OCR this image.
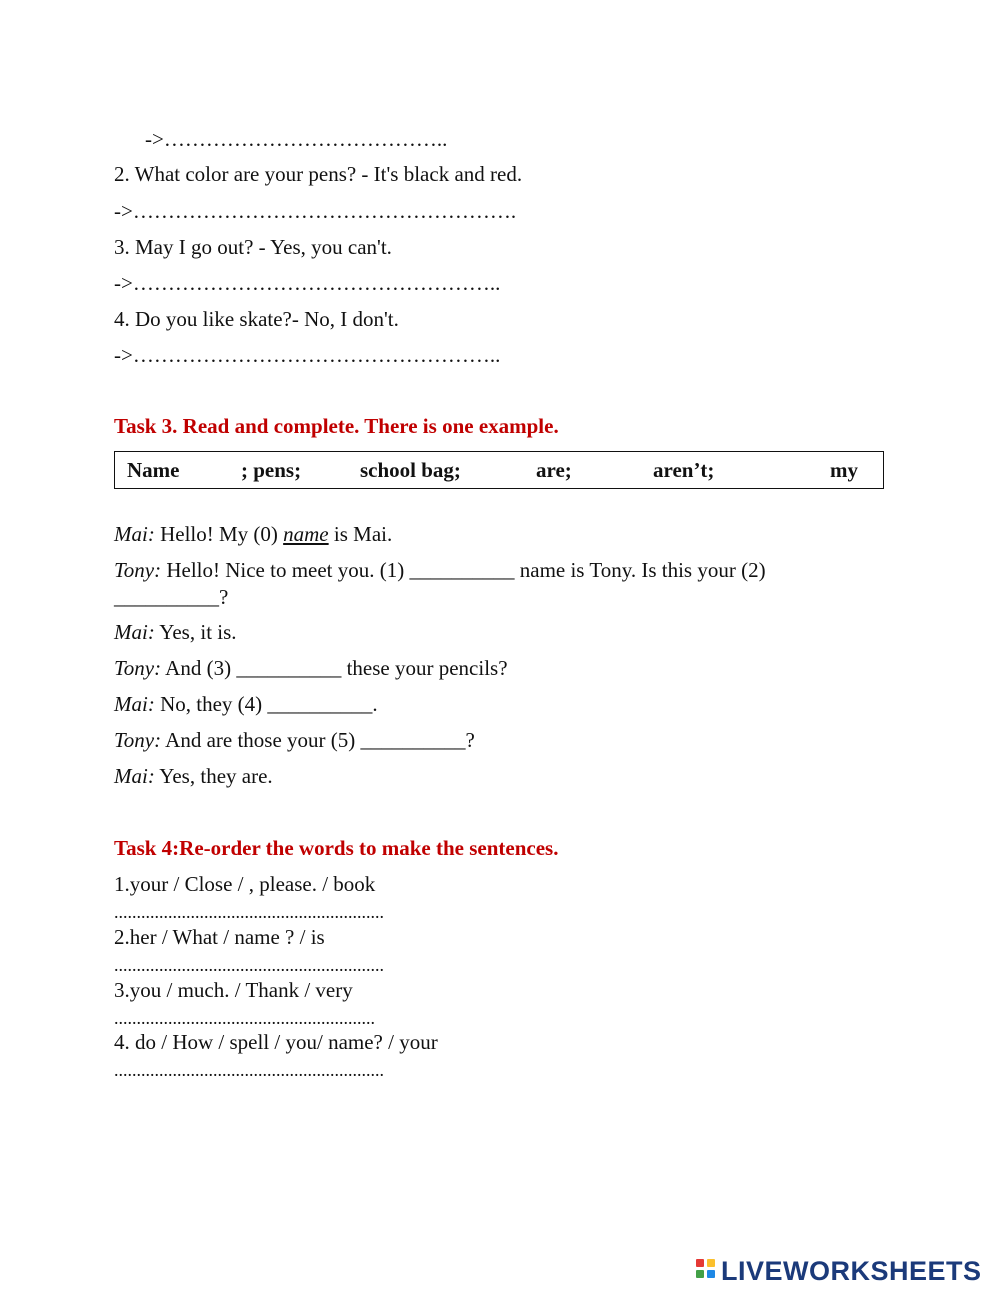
->…………………………………..
2. What color are your pens? - It's black and red.
->……………………………………………….
3. May I go out? - Yes, you can't.
->……………………………………………..
4. Do you like skate?- No, I don't.
->……………………………………………..
Task 3. Read and complete. There is one example.
Name	; pens;	school bag;	are;	aren’t;	my
Mai: Hello! My (0) name is Mai.
Tony: Hello! Nice to meet you. (1) __________ name is Tony. Is this your (2)
__________?
Mai: Yes, it is.
Tony: And (3) __________ these your pencils?
Mai: No, they (4) __________.
Tony: And are those your (5) __________?
Mai: Yes, they are.
Task 4:Re-order the words to make the sentences.
1.your / Close / , please. / book
............................................................
2.her / What / name ? / is
............................................................
3.you / much. / Thank / very
..........................................................
4. do / How / spell / you/ name? / your
............................................................
LIVEWORKSHEETS
